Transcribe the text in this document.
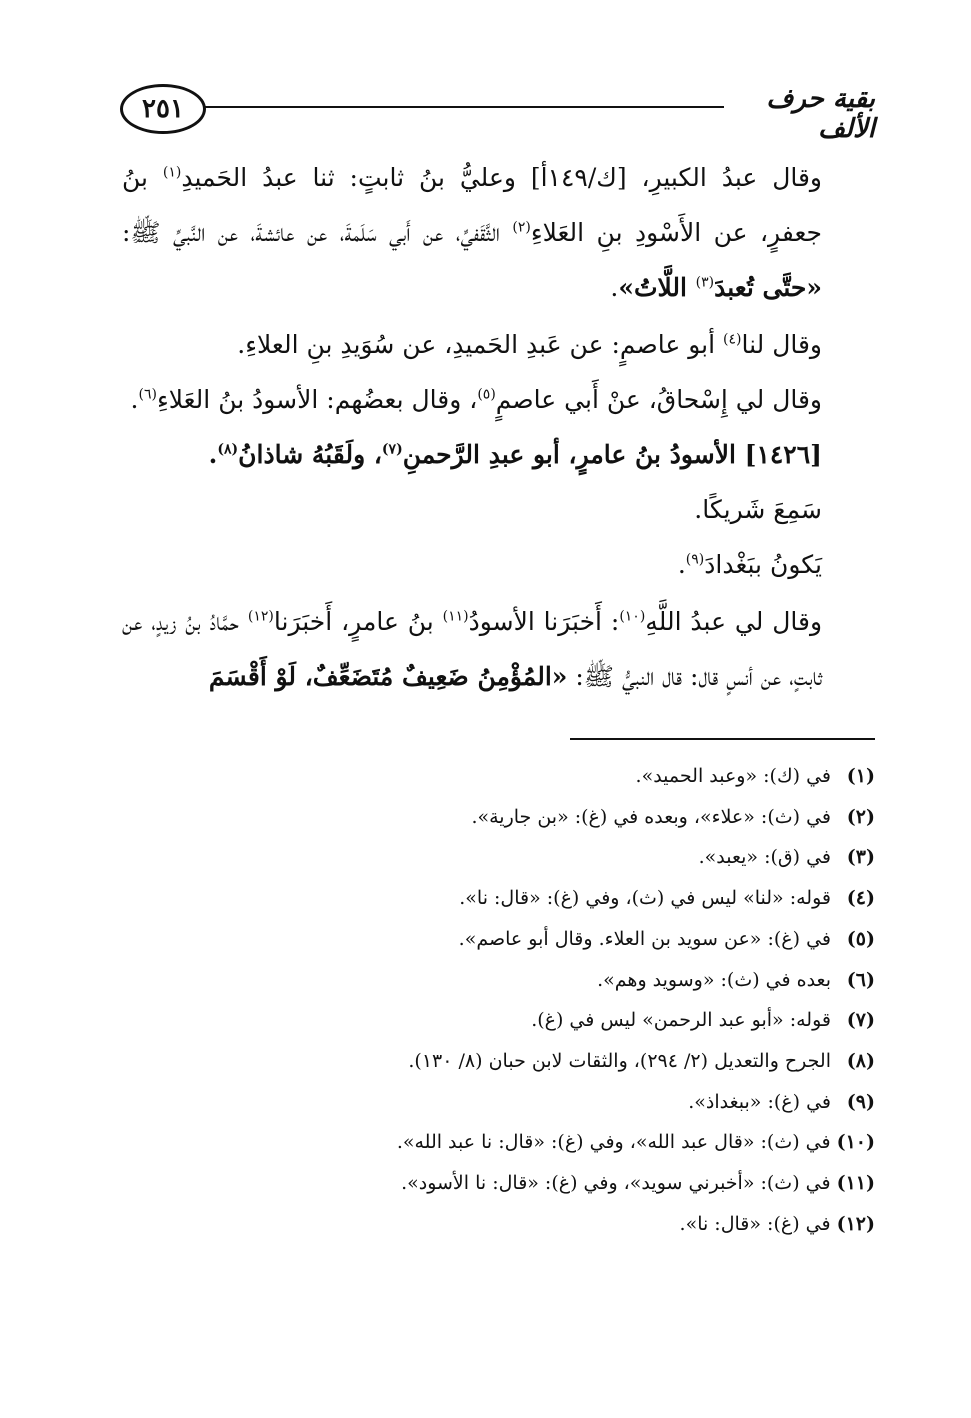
٢٥١	بقية حرف الألف

وقال عبدُ الكبيرِ، [ك/١٤٩أ] وعليُّ بنُ ثابتٍ: ثنا عبدُ الحَميدِ$^{(١)}$ بنُ جعفرٍ، عن الأَسْودِ بنِ العَلاءِ$^{(٢)}$ الثَّقَفيِّ، عن أَبي سَلَمةَ، عن عائشةَ، عن النَّبيِّ ﷺ: «حتَّى تُعبدَ$^{(٣)}$ اللَّاتُ».

وقال لنا$^{(٤)}$ أبو عاصمٍ: عن عَبدِ الحَميدِ، عن سُوَيدِ بنِ العلاءِ.

وقال لي إِسْحاقُ، عنْ أَبي عاصمٍ$^{(٥)}$، وقال بعضُهم: الأسودُ بنُ العَلاءِ$^{(٦)}$.

[١٤٢٦] الأسودُ بنُ عامرٍ، أبو عبدِ الرَّحمنِ$^{(٧)}$، ولَقَبُهُ شاذانُ$^{(٨)}$.

سَمِعَ شَريكًا.

يَكونُ ببَغْدادَ$^{(٩)}$.

وقال لي عبدُ اللَّهِ$^{(١٠)}$: أَخبَرَنا الأسودُ$^{(١١)}$ بنُ عامرٍ، أَخبَرَنا$^{(١٢)}$ حمَّادُ بنُ زيدٍ، عن ثابتٍ، عن أنسٍ قال: قال النبيُّ ﷺ: «المُؤْمِنُ ضَعِيفٌ مُتَضَعِّفٌ، لَوْ أَقْسَمَ

(١)في (ك): «وعبد الحميد».

(٢)في (ث): «علاء»، وبعده في (غ): «بن جارية».

(٣)في (ق): «يعبد».

(٤)قوله: «لنا» ليس في (ث)، وفي (غ): «قال: نا».

(٥)في (غ): «عن سويد بن العلاء. وقال أبو عاصم».

(٦)بعده في (ث): «وسويد وهم».

(٧)قوله: «أبو عبد الرحمن» ليس في (غ).

(٨)الجرح والتعديل (٢/ ٢٩٤)، والثقات لابن حبان (٨/ ١٣٠).

(٩)في (غ): «ببغداذ».

(١٠)في (ث): «قال عبد الله»، وفي (غ): «قال: نا عبد الله».

(١١)في (ث): «أخبرني سويد»، وفي (غ): «قال: نا الأسود».

(١٢)في (غ): «قال: نا».
